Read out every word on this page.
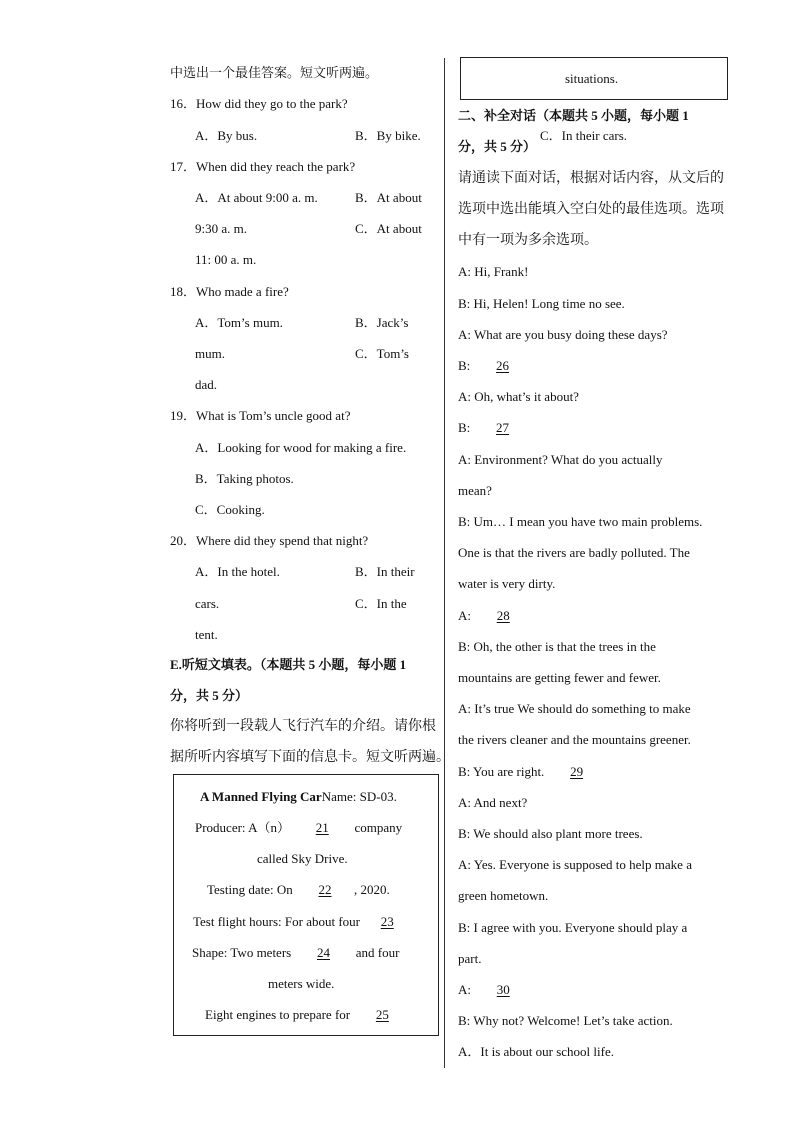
中选出一个最佳答案。短文听两遍。
16．How did they go to the park?
A．By bus.	B．By bike.
17．When did they reach the park?
A．At about 9:00 a. m.	B．At about
9:30 a. m.	C．At about
11: 00 a. m.
18．Who made a fire?
A．Tom’s mum.	B．Jack’s
mum.	C．Tom’s
dad.
19．What is Tom’s uncle good at?
A．Looking for wood for making a fire.
B．Taking photos.
C．Cooking.
20．Where did they spend that night?
A．In the hotel.	B．In their
cars.	C．In the
tent.
E.听短文填表。（本题共 5 小题，每小题 1
分，共 5 分）
你将听到一段载人飞行汽车的介绍。请你根
据所听内容填写下面的信息卡。短文听两遍。
A Manned Flying CarName: SD-03.
Producer: A（n） 21 company
called Sky Drive.
Testing date: On 22 , 2020.
Test flight hours: For about four 23
Shape: Two meters 24 and four
meters wide.
Eight engines to prepare for 25
situations.
二、补全对话（本题共 5 小题，每小题 1
C．In their cars.
分，共 5 分）
请通读下面对话，根据对话内容，从文后的
选项中选出能填入空白处的最佳选项。选项
中有一项为多余选项。
A: Hi, Frank!
B: Hi, Helen! Long time no see.
A: What are you busy doing these days?
B: 26
A: Oh, what’s it about?
B: 27
A: Environment? What do you actually
mean?
B: Um… I mean you have two main problems.
One is that the rivers are badly polluted. The
water is very dirty.
A: 28
B: Oh, the other is that the trees in the
mountains are getting fewer and fewer.
A: It’s true We should do something to make
the rivers cleaner and the mountains greener.
B: You are right. 29
A: And next?
B: We should also plant more trees.
A: Yes. Everyone is supposed to help make a
green hometown.
B: I agree with you. Everyone should play a
part.
A: 30
B: Why not? Welcome! Let’s take action.
A．It is about our school life.
